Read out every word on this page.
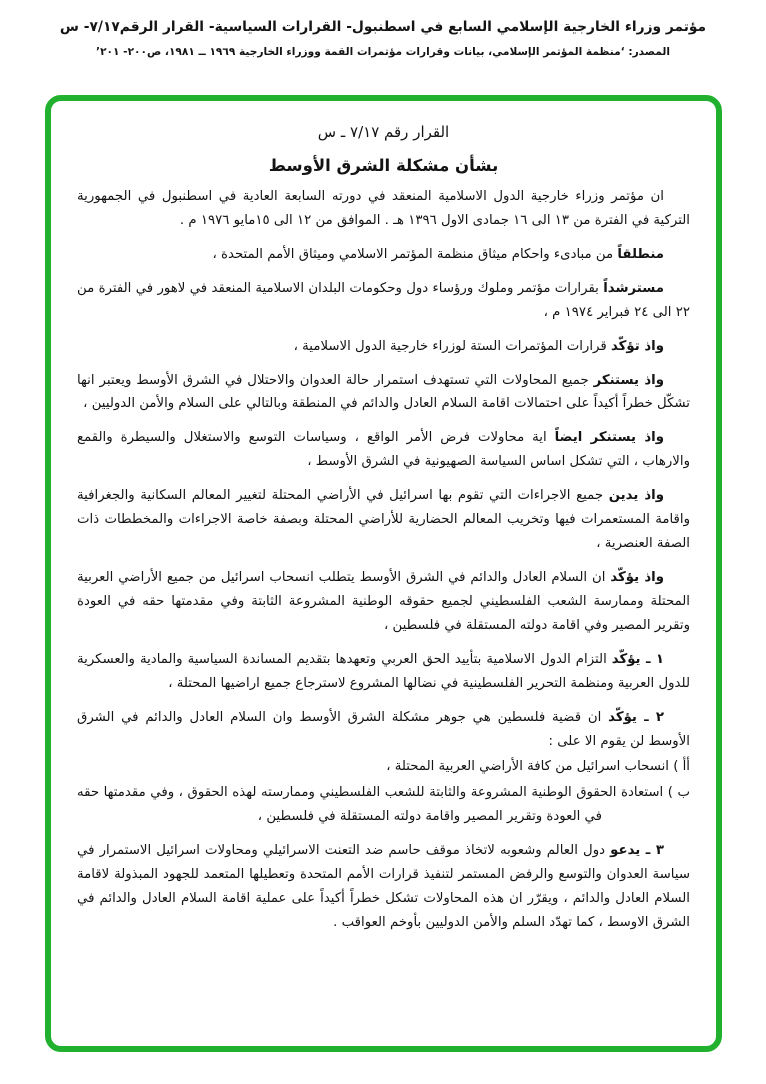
مؤتمر وزراء الخارجية الإسلامي السابع في اسطنبول- القرارات السياسية- القرار الرقم٧/١٧- س
المصدر: ‘منظمة المؤتمر الإسلامي، بيانات وقرارات مؤتمرات القمة ووزراء الخارجية ١٩٦٩ ــ ١٩٨١، ص٢٠٠- ٢٠١’
القرار رقم ٧/١٧ ـ س
بشأن مشكلة الشرق الأوسط

ان مؤتمر وزراء خارجية الدول الاسلامية المنعقد في دورته السابعة العادية في اسطنبول في الجمهورية التركية في الفترة من ١٣ الى ١٦ جمادى الاول ١٣٩٦ هـ . الموافق من ١٢ الى ١٥مايو ١٩٧٦ م .

منطلقاً من مبادىء واحكام ميثاق منظمة المؤتمر الاسلامي وميثاق الأمم المتحدة ،

مسترشداً بقرارات مؤتمر وملوك ورؤساء دول وحكومات البلدان الاسلامية المنعقد في لاهور في الفترة من ٢٢ الى ٢٤ فبراير ١٩٧٤ م ،

واذ تؤكّد قرارات المؤتمرات الستة لوزراء خارجية الدول الاسلامية ،

واذ يستنكر جميع المحاولات التي تستهدف استمرار حالة العدوان والاحتلال في الشرق الأوسط ويعتبر انها تشكّل خطراً أكيداً على احتمالات اقامة السلام العادل والدائم في المنطقة وبالتالي على السلام والأمن الدوليين ،

واذ يستنكر ايضاً اية محاولات فرض الأمر الواقع ، وسياسات التوسع والاستغلال والسيطرة والقمع والارهاب ، التي تشكل اساس السياسة الصهيونية في الشرق الأوسط ،

واذ يدين جميع الاجراءات التي تقوم بها اسرائيل في الأراضي المحتلة لتغيير المعالم السكانية والجغرافية واقامة المستعمرات فيها وتخريب المعالم الحضارية للأراضي المحتلة وبصفة خاصة الاجراءات والمخططات ذات الصفة العنصرية ،

واذ يؤكّد ان السلام العادل والدائم في الشرق الأوسط يتطلب انسحاب اسرائيل من جميع الأراضي العربية المحتلة وممارسة الشعب الفلسطيني لجميع حقوقه الوطنية المشروعة الثابتة وفي مقدمتها حقه في العودة وتقرير المصير وفي اقامة دولته المستقلة في فلسطين ،

١ ـ يؤكّد التزام الدول الاسلامية بتأييد الحق العربي وتعهدها بتقديم المساندة السياسية والمادية والعسكرية للدول العربية ومنظمة التحرير الفلسطينية في نضالها المشروع لاسترجاع جميع اراضيها المحتلة ،

٢ ـ يؤكّد ان قضية فلسطين هي جوهر مشكلة الشرق الأوسط وان السلام العادل والدائم في الشرق الأوسط لن يقوم الا على :

أأ ) انسحاب اسرائيل من كافة الأراضي العربية المحتلة ،

ب ) استعادة الحقوق الوطنية المشروعة والثابتة للشعب الفلسطيني وممارسته لهذه الحقوق ، وفي مقدمتها حقه في العودة وتقرير المصير واقامة دولته المستقلة في فلسطين ،

٣ ـ يدعو دول العالم وشعوبه لاتخاذ موقف حاسم ضد التعنت الاسرائيلي ومحاولات اسرائيل الاستمرار في سياسة العدوان والتوسع والرفض المستمر لتنفيذ قرارات الأمم المتحدة وتعطيلها المتعمد للجهود المبذولة لاقامة السلام العادل والدائم ، ويقرّر ان هذه المحاولات تشكل خطراً أكيداً على عملية اقامة السلام العادل والدائم في الشرق الاوسط ، كما تهدّد السلم والأمن الدوليين بأوخم العواقب .
